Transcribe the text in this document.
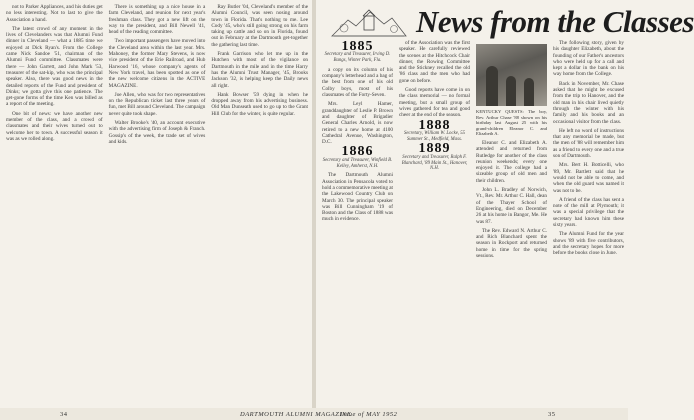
not to Parker Appliances, and his duties get no less interesting. Not to last to give the Association a hand.

The latest crowd of any moment in the lives of Clevelanders was that Alumni Fund dinner in Cleveland — what a 1885 time we enjoyed at Dick Ryan's. From the College came Nick Sandoe '51, chairman of the Alumni Fund committee. Classmates were there — John Garrett, and John Mark '53, treasurer of the sat-kip, who was the principal speaker. Also, there was good news in the detailed reports of the Fund and president of Dinks; we gotta give this one patience. The get-gone forms of the time Ken was billed as a report of the meeting.

One bit of news: we have another new member of the class, and a crowd of classmates and their wives turned out to welcome her to town. A successful season it was as we rolled along.

There is something up a nice house in a farm Cleveland, and reunion for next year's freshman class. They got a new lift on the way to the president, and Bill Newell '41, head of the reading committee.

Two important passengers have moved into the Cleveland area within the last year. Mrs. Mahoney, the former Mary Stevens, is now vice president of the Erie Railroad, and Hub Harwood '16, whose company's agents of New York travel, has been spotted as one of the new welcome citizens in the ACTIVE MAGAZINE.

Joe Allen, who was for two representatives on the Republican ticket last three years of fun, met Bill around Cleveland. The campaign never quite took shape.

Walter Brooke's '40, an account executive with the advertising firm of Joseph & Franch. Gossip's of the week, the trade set of wives and kids.

Ray Butler '04, Cleveland's member of the Alumni Council, was seen nosing around town in Florida. That's nothing to me. Lee Cody '45, who's still going strong on his farm taking up cattle and so on in Florida, found out in February at the Dartmouth get-together the gathering last time.

Frank Garrison who let me up in the Hutchen with most of the vigilance on Dartmouth in the mile and in the time Harry has the Alumni Trust Manager, '45, Brooks Jackson '32, is helping keep the Daily news all right.

Hank Bowser '59 dying in when he dropped away from his advertising business. Old Man Dunseath used to go up to the Grant Hill Club for the winter, is quite regular.

News from the Classes
1885
Secretary and Treasurer, Irving D. Bangs, Winter Park, Fla.

a copy on its column of his company's letterhead and a bag of the best from one of his old Colby boys, most of his classmates of the Forty-Seven.

Mrs. Leyl Hamer, granddaughter of Leslie P. Brown and daughter of Brigadier General Charles Arnold, is now retired to a new home at 4100 Cathedral Avenue, Washington, D.C.

1886
Secretary and Treasurer, Winfield B. Kelley, Amherst, N.H.

The Dartmouth Alumni Association in Pensacola voted to hold a commemorative meeting at the Lakewood Country Club on March 30. The principal speaker was Bill Cunningham '19 of Boston and the Class of 1888 was much in evidence.

of the Association was the first speaker. He carefully reviewed the scenes at the Hitchcock Chair dinner, the Rowing Committee and the Stickney recalled the old '86 class and the men who had gone on before.

Good reports have come in on the class memorial — no formal meeting, but a small group of wives gathered for tea and good cheer at the end of the season.

1888
Secretary, William W. Locke, 55 Summer St., Medfield, Mass.
1889
Secretary and Treasurer, Ralph F. Blanchard, '89 Main St., Hanover, N.H.
KENTUCKY QUESTS: The boy, Rev. Arthur Chase '88 shown on his birthday last August 25 with his grand-children Eleanor C. and Elizabeth A.

Eleanor C. and Elizabeth A. attended and returned from Rutledge for another of the class reunion weekends; every one enjoyed it. The college had a sizeable group of old men and their children.

John L. Bradley of Norwich, Vt., Rev. Mr. Arthur C. Hall, dean of the Thayer School of Engineering, died on December 26 at his home in Bangor, Me. He was 87.

The Rev. Edward N. Arthur C. and Rich Blanchard spent the season in Rockport and returned home in time for the spring sessions.

The following story, given by his daughter Elizabeth, about the founding of our Father's ancestors who were held up for a call and kept a dollar in the bank on his way home from the College.

Back in November, Mr. Chase asked that he might be excused from the trip to Hanover, and the old man in his chair lived quietly through the winter with his family and his books and an occasional visitor from the class.

He left no word of instructions that any memorial be made, but the men of '88 will remember him as a friend to every one and a true son of Dartmouth.

Mrs. Bert H. Botticelli, who '89, Mr. Bartlett said that he would not be able to come, and when the old guard was named it was not to be.

A friend of the class has sent a note of the mill at Plymouth; it was a special privilege that the secretary had known him these sixty years.

The Alumni Fund for the year shows '89 with five contributors, and the secretary hopes for more before the books close in June.

34	DARTMOUTH ALUMNI MAGAZINE
Issue of MAY 1952	35
